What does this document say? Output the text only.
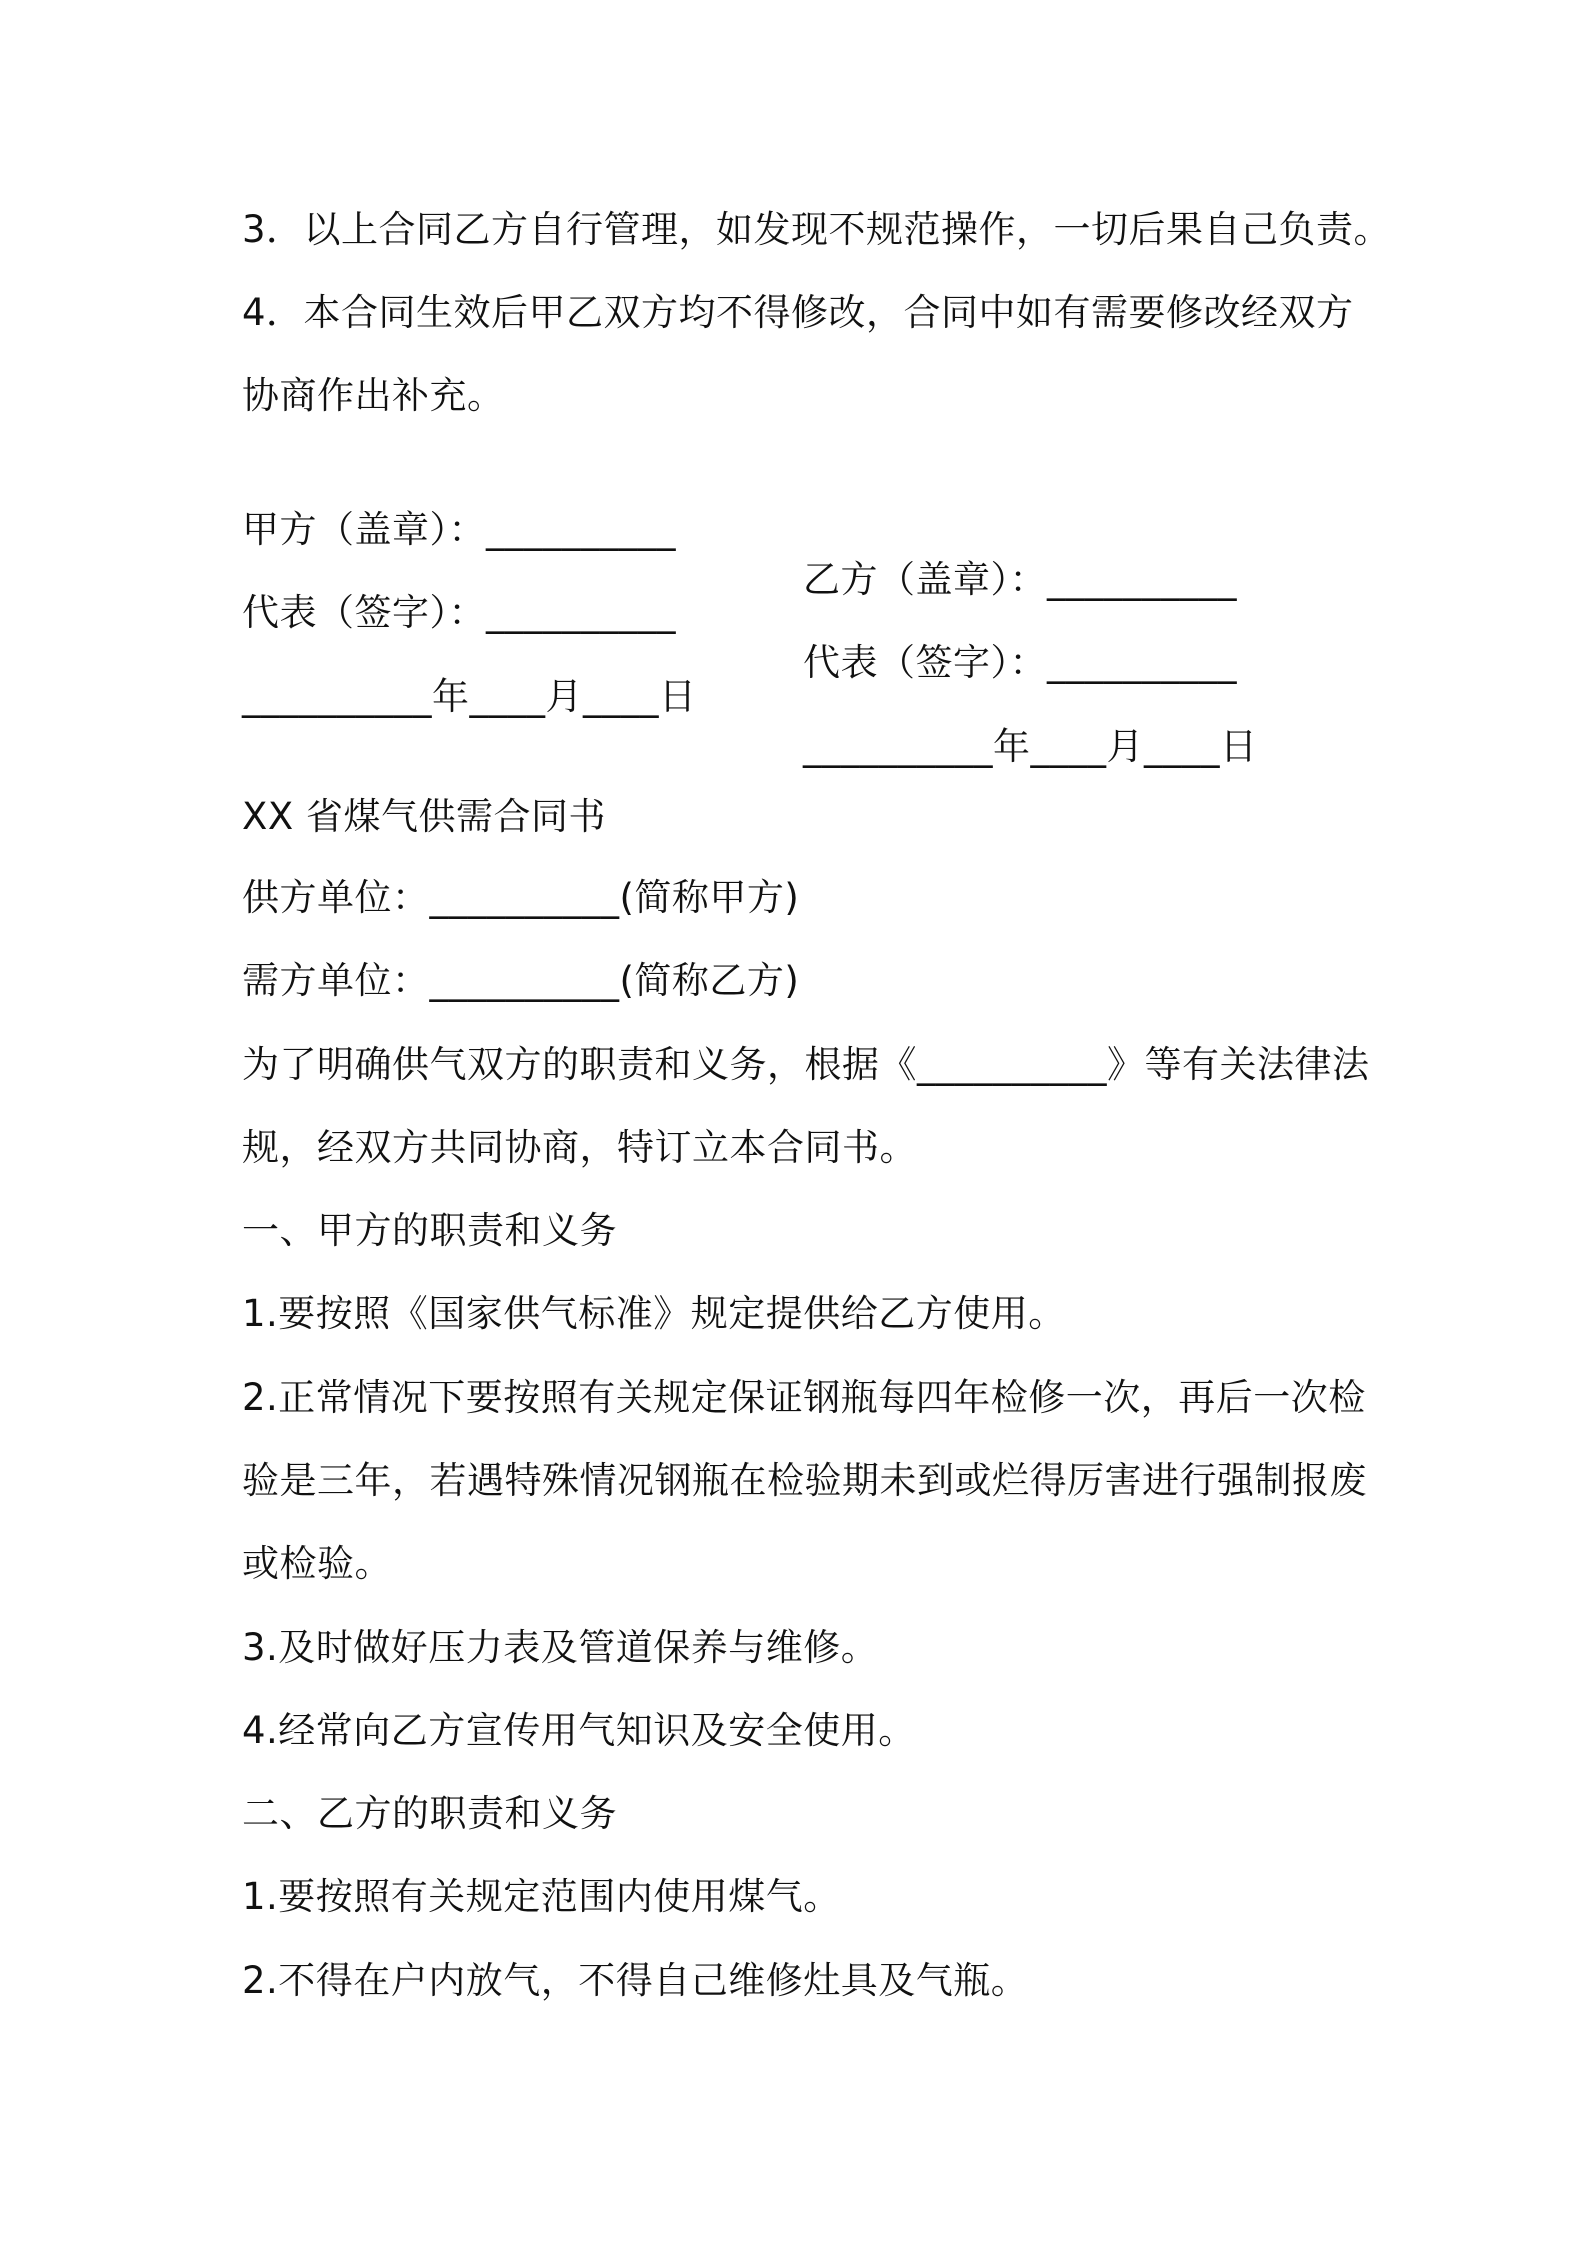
3．以上合同乙方自行管理，如发现不规范操作，一切后果自己负责。
4．本合同生效后甲乙双方均不得修改，合同中如有需要修改经双方
协商作出补充。

甲方（盖章）：__________

乙方（盖章）：__________

代表（签字）：__________

代表（签字）：__________

__________年____月____日

__________年____月____日

XX 省煤气供需合同书
供方单位：__________(简称甲方)
需方单位：__________(简称乙方)
为了明确供气双方的职责和义务，根据《__________》等有关法律法
规，经双方共同协商，特订立本合同书。
一、甲方的职责和义务
1.要按照《国家供气标准》规定提供给乙方使用。
2.正常情况下要按照有关规定保证钢瓶每四年检修一次，再后一次检
验是三年，若遇特殊情况钢瓶在检验期未到或烂得厉害进行强制报废
或检验。
3.及时做好压力表及管道保养与维修。
4.经常向乙方宣传用气知识及安全使用。
二、乙方的职责和义务
1.要按照有关规定范围内使用煤气。
2.不得在户内放气，不得自己维修灶具及气瓶。
